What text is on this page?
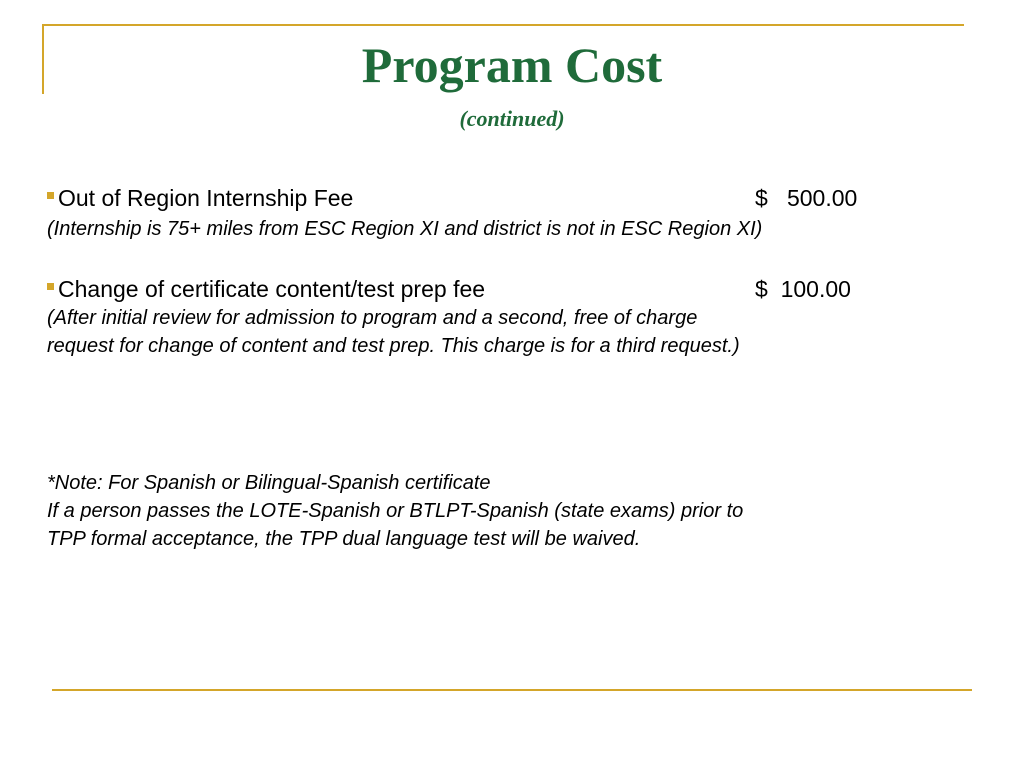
Program Cost
(continued)
Out of Region Internship Fee	$   500.00
(Internship is 75+ miles from ESC Region XI and district is not in ESC Region XI)
Change of certificate content/test prep fee	$  100.00
(After initial review for admission to program and a second, free of charge
request for change of content and test prep. This charge is for a third request.)
*Note: For Spanish or Bilingual-Spanish certificate
If a person passes the LOTE-Spanish or BTLPT-Spanish (state exams) prior to
TPP formal acceptance, the TPP dual language test will be waived.
